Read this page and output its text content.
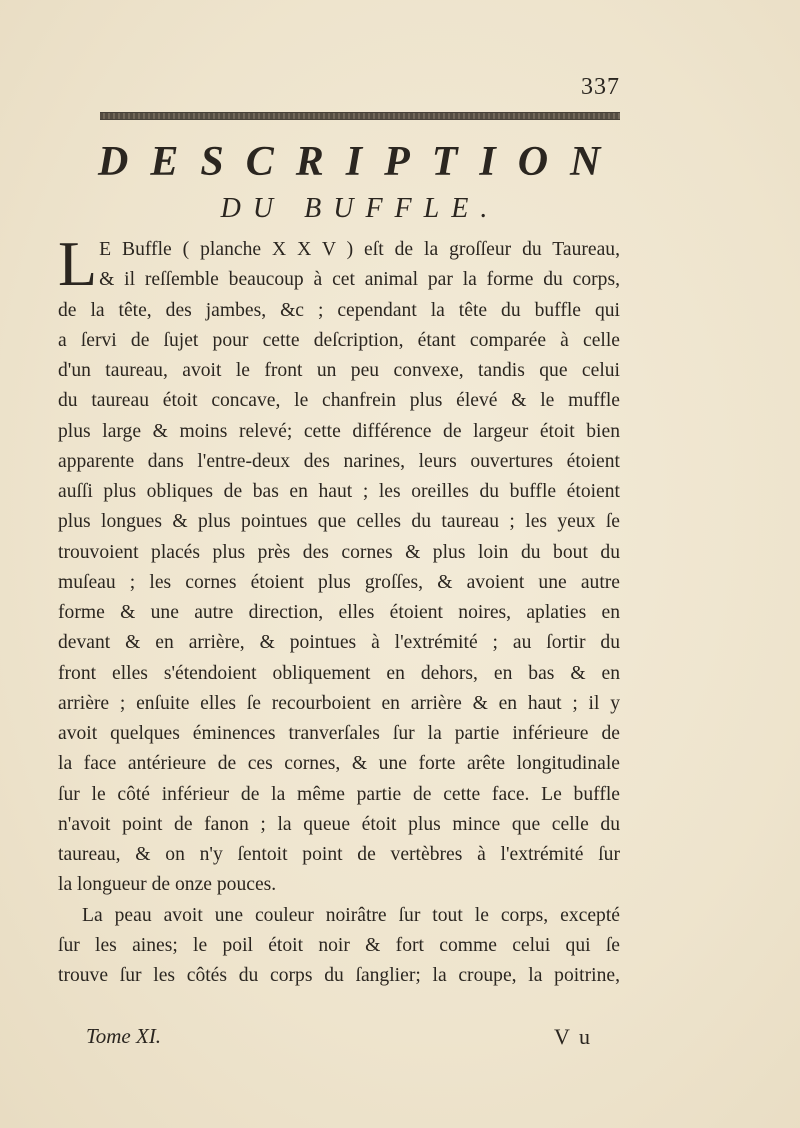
337
DESCRIPTION
DU BUFFLE.
L E Buffle ( planche X X V ) eſt de la groſſeur du Taureau,
& il reſſemble beaucoup à cet animal par la forme du corps,
de la tête, des jambes, &c ; cependant la tête du buffle qui
a ſervi de ſujet pour cette deſcription, étant comparée à celle
d'un taureau, avoit le front un peu convexe, tandis que celui
du taureau étoit concave, le chanfrein plus élevé & le muffle
plus large & moins relevé; cette différence de largeur étoit bien
apparente dans l'entre-deux des narines, leurs ouvertures étoient
auſſi plus obliques de bas en haut ; les oreilles du buffle étoient
plus longues & plus pointues que celles du taureau ; les yeux ſe
trouvoient placés plus près des cornes & plus loin du bout du
muſeau ; les cornes étoient plus groſſes, & avoient une autre
forme & une autre direction, elles étoient noires, aplaties en
devant & en arrière, & pointues à l'extrémité ; au ſortir du
front elles s'étendoient obliquement en dehors, en bas & en
arrière ; enſuite elles ſe recourboient en arrière & en haut ; il y
avoit quelques éminences tranverſales ſur la partie inférieure de
la face antérieure de ces cornes, & une forte arête longitudinale
ſur le côté inférieur de la même partie de cette face. Le buffle
n'avoit point de fanon ; la queue étoit plus mince que celle du
taureau, & on n'y ſentoit point de vertèbres à l'extrémité ſur
la longueur de onze pouces.
La peau avoit une couleur noirâtre ſur tout le corps, excepté
ſur les aines; le poil étoit noir & fort comme celui qui ſe
trouve ſur les côtés du corps du ſanglier; la croupe, la poitrine,
Tome XI.	V u
